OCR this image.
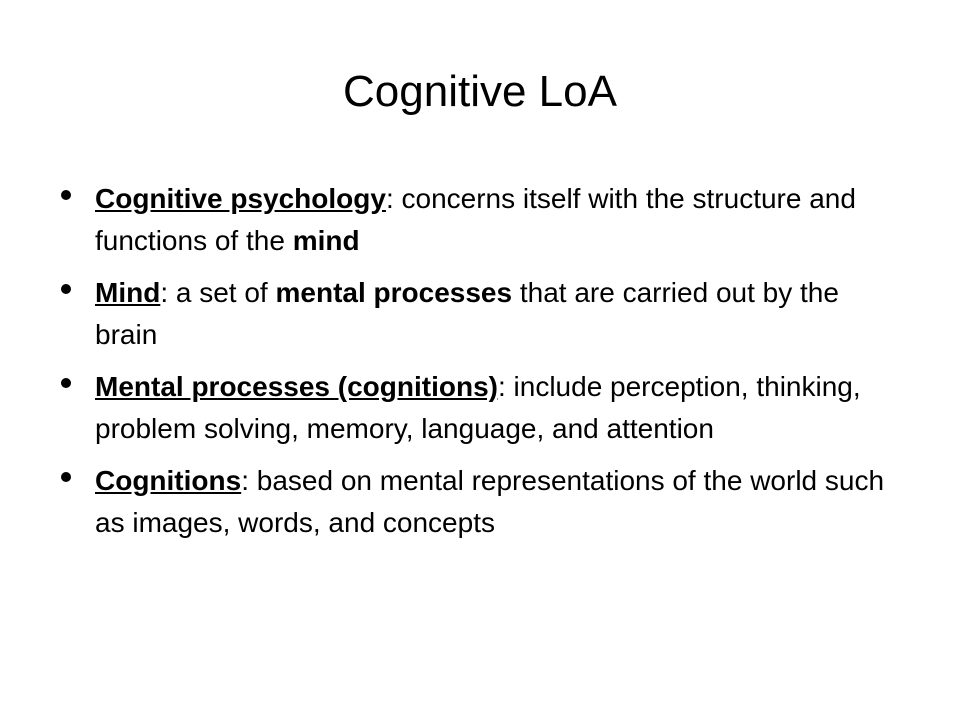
Cognitive LoA
Cognitive psychology: concerns itself with the structure and functions of the mind
Mind: a set of mental processes that are carried out by the brain
Mental processes (cognitions): include perception, thinking, problem solving, memory, language, and attention
Cognitions: based on mental representations of the world such as images, words, and concepts
